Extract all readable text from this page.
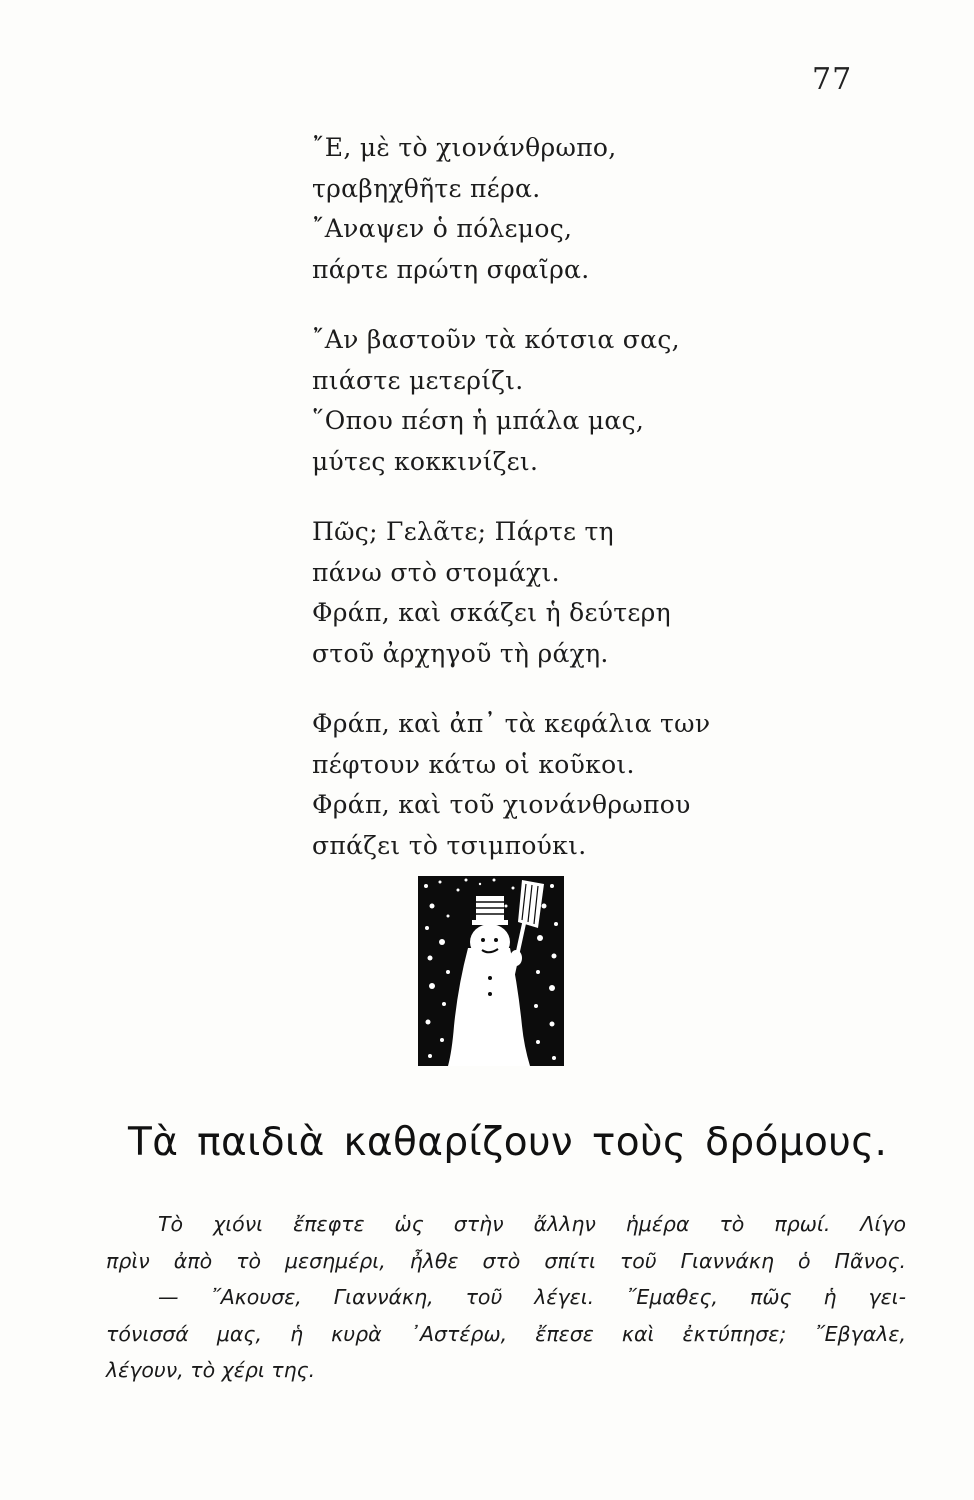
77
῎Ε, μὲ τὸ χιονάνθρωπο,
τραβηχθῆτε πέρα.
῎Αναψεν ὁ πόλεμος,
πάρτε πρώτη σφαῖρα.
῎Αν βαστοῦν τὰ κότσια σας,
πιάστε μετερίζι.
῞Οπου πέση ἡ μπάλα μας,
μύτες κοκκινίζει.
Πῶς; Γελᾶτε; Πάρτε τη
πάνω στὸ στομάχι.
Φράπ, καὶ σκάζει ἡ δεύτερη
στοῦ ἀρχηγοῦ τὴ ράχη.
Φράπ, καὶ ἀπ᾽ τὰ κεφάλια των
πέφτουν κάτω οἱ κοῦκοι.
Φράπ, καὶ τοῦ χιονάνθρωπου
σπάζει τὸ τσιμπούκι.
Τὰ παιδιὰ καθαρίζουν τοὺς δρόμους.
Τὸ χιόνι ἔπεφτε ὡς στὴν ἄλλην ἡμέρα τὸ πρωί. Λίγο
πρὶν ἀπὸ τὸ μεσημέρι, ἦλθε στὸ σπίτι τοῦ Γιαννάκη ὁ Πᾶνος.
— ῎Ακουσε, Γιαννάκη, τοῦ λέγει. ῎Εμαθες, πῶς ἡ γει-
τόνισσά μας, ἡ κυρὰ ᾿Αστέρω, ἔπεσε καὶ ἐκτύπησε; ῎Εβγαλε,
λέγουν, τὸ χέρι της.
